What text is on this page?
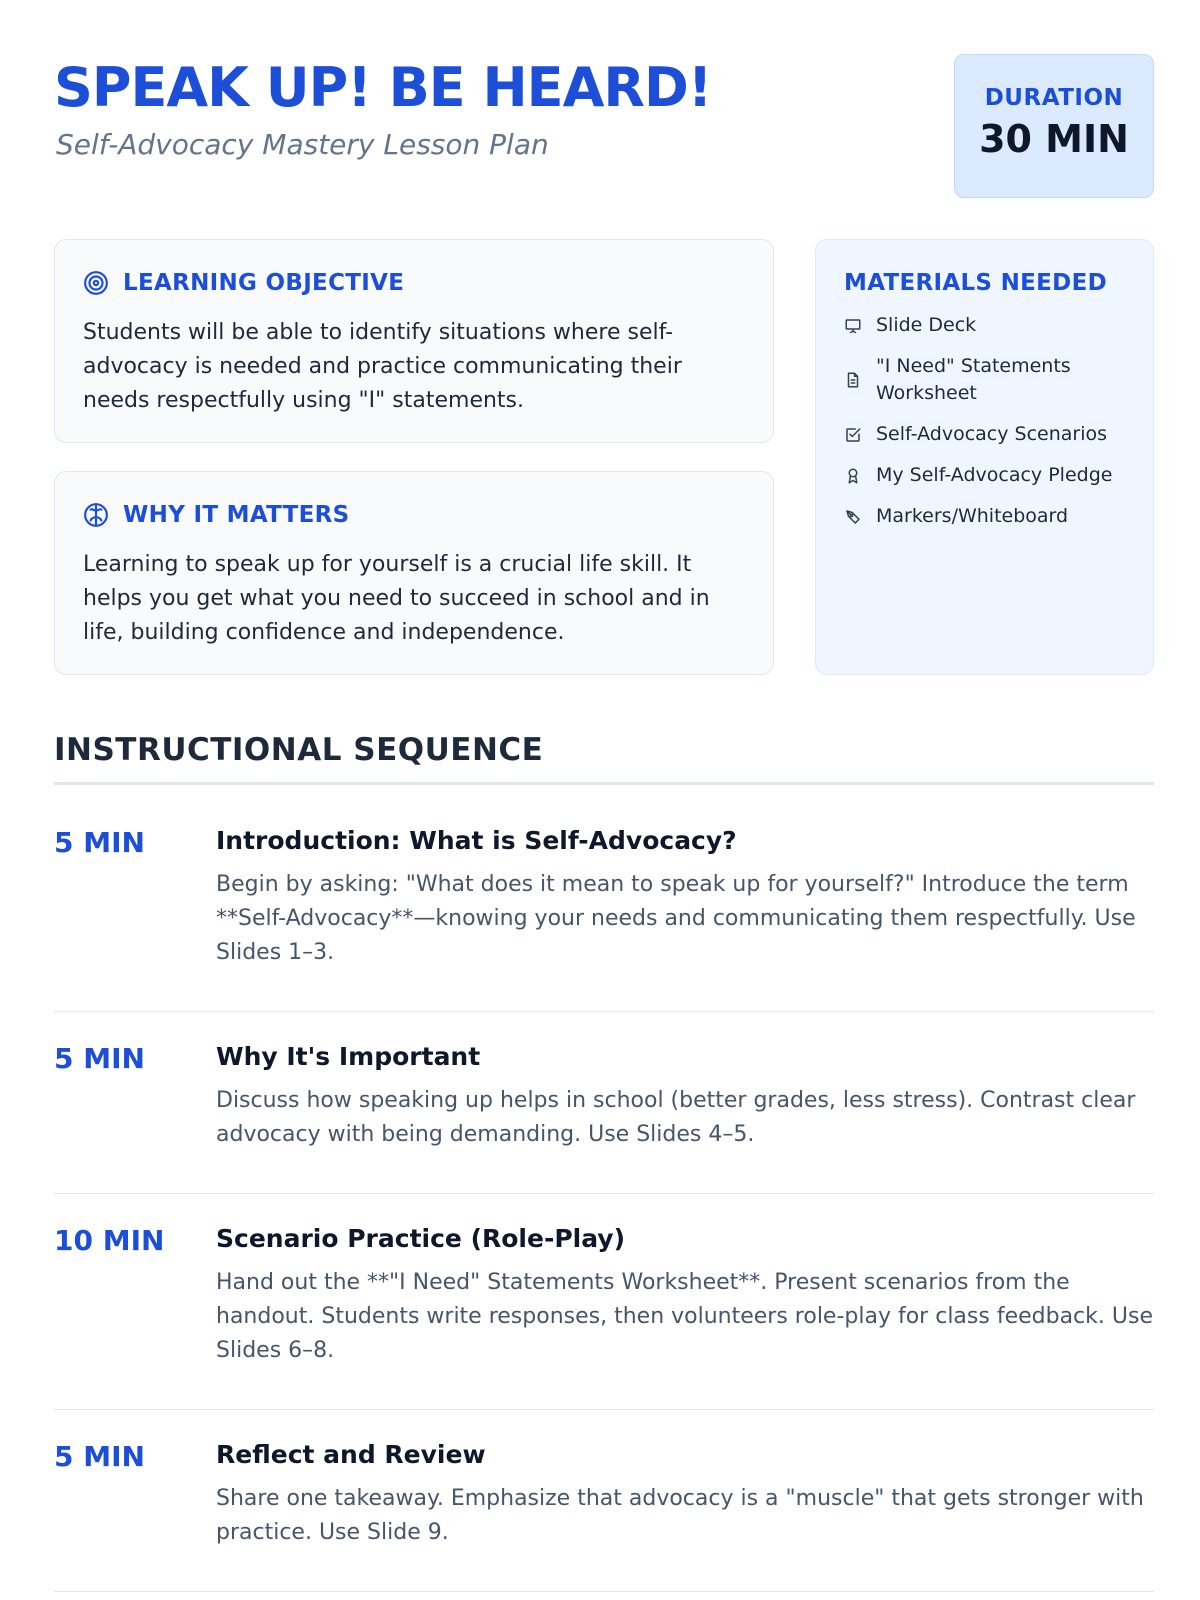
SPEAK UP! BE HEARD!
Self-Advocacy Mastery Lesson Plan
DURATION
30 MIN
LEARNING OBJECTIVE

Students will be able to identify situations where self-advocacy is needed and practice communicating their needs respectfully using "I" statements.

WHY IT MATTERS

Learning to speak up for yourself is a crucial life skill. It helps you get what you need to succeed in school and in life, building confidence and independence.

MATERIALS NEEDED
Slide Deck
"I Need" Statements Worksheet
Self-Advocacy Scenarios
My Self-Advocacy Pledge
Markers/Whiteboard
INSTRUCTIONAL SEQUENCE
5 MIN	Introduction: What is Self-Advocacy?

Begin by asking: "What does it mean to speak up for yourself?" Introduce the term **Self-Advocacy**—knowing your needs and communicating them respectfully. Use Slides 1–3.

5 MIN	Why It's Important

Discuss how speaking up helps in school (better grades, less stress). Contrast clear advocacy with being demanding. Use Slides 4–5.

10 MIN Scenario Practice (Role-Play)

Hand out the **"I Need" Statements Worksheet**. Present scenarios from the handout. Students write responses, then volunteers role-play for class feedback. Use Slides 6–8.

5 MIN	Reflect and Review

Share one takeaway. Emphasize that advocacy is a "muscle" that gets stronger with practice. Use Slide 9.
